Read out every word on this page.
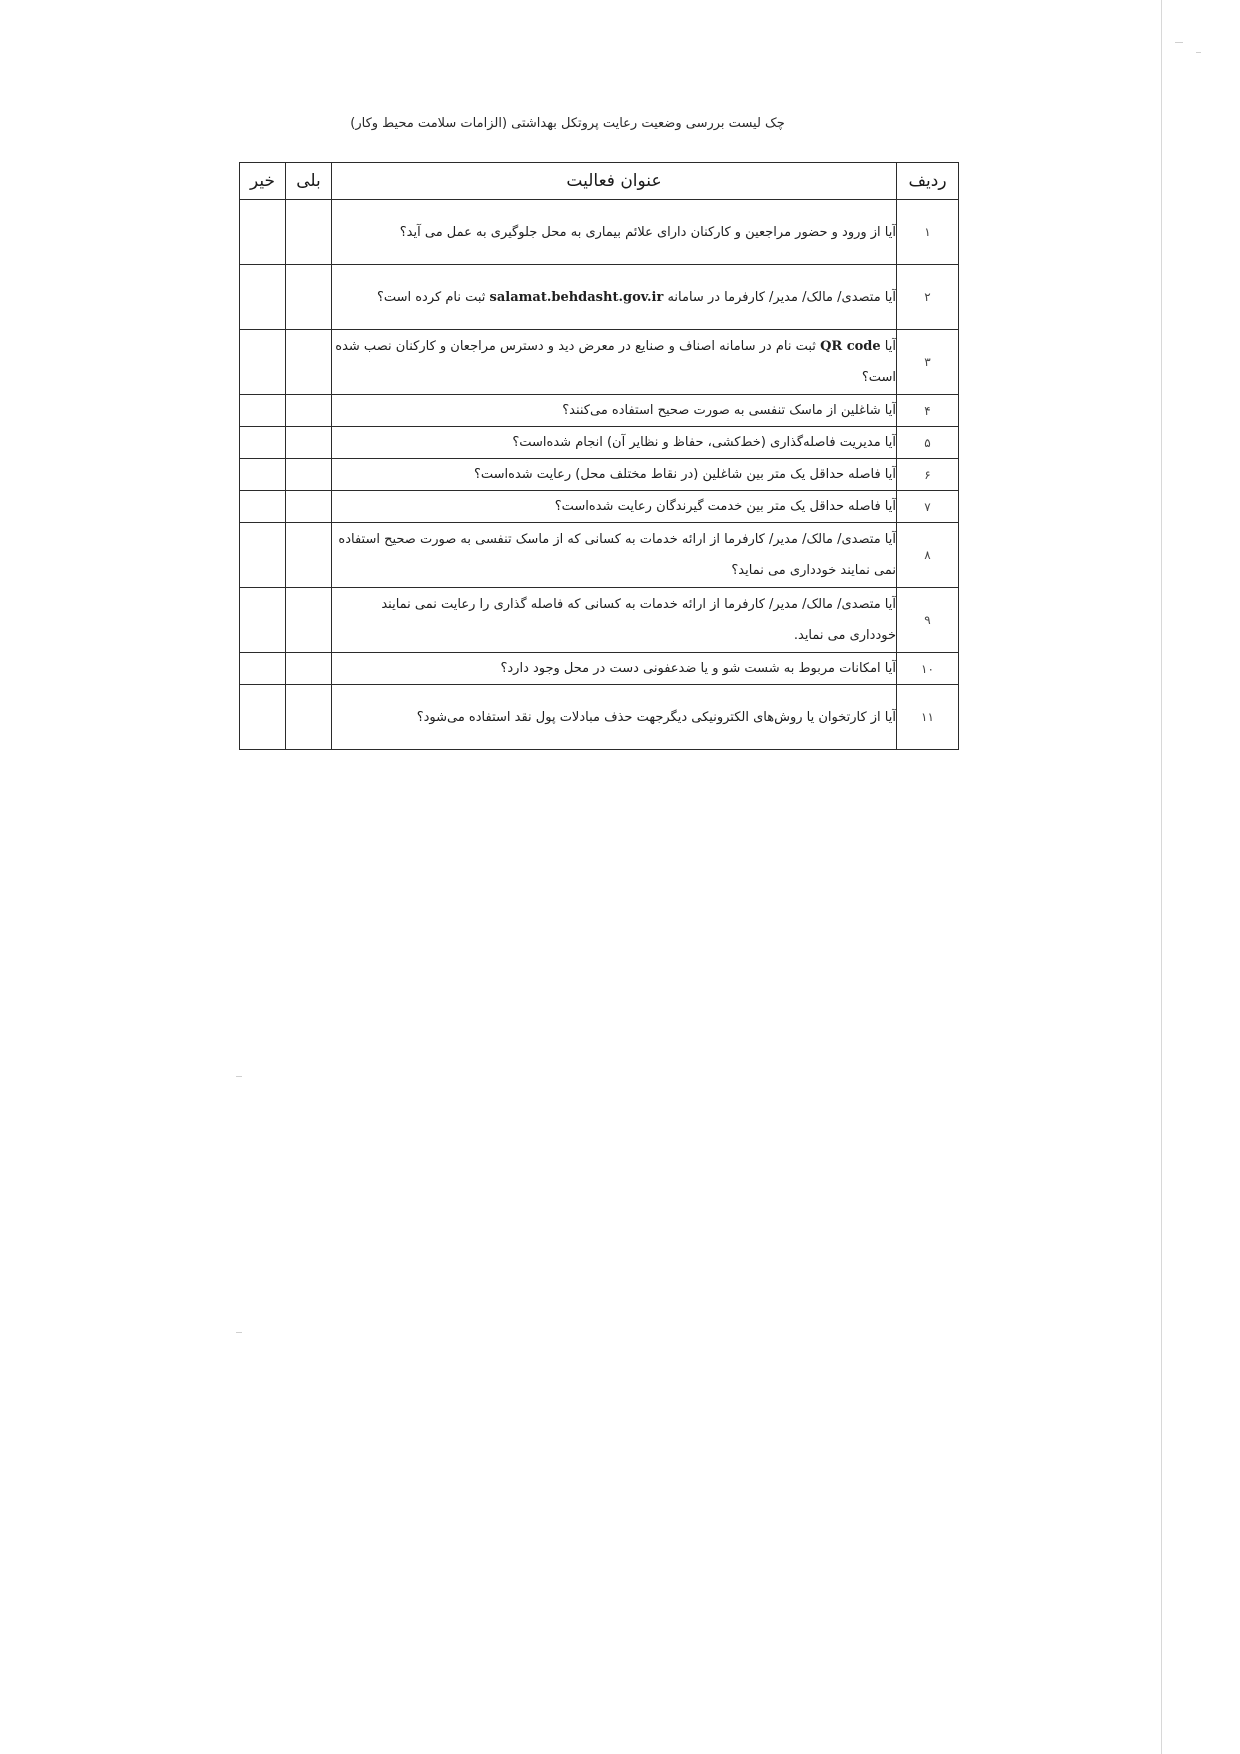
چک لیست بررسی وضعیت رعایت پروتکل بهداشتی (الزامات سلامت محیط وکار)
ردیف	عنوان فعالیت	بلی	خیر
۱	آیا از ورود و حضور مراجعین و کارکنان دارای علائم بیماری به محل جلوگیری به عمل می آید؟		
۲	آیا متصدی/ مالک/ مدیر/ کارفرما در سامانه salamat.behdasht.gov.ir ثبت نام کرده است؟		
۳	آیا QR code ثبت نام در سامانه اصناف و صنایع در معرض دید و دسترس مراجعان و کارکنان نصب شده است؟		
۴	آیا شاغلین از ماسک تنفسی به صورت صحیح استفاده می‌کنند؟		
۵	آیا مدیریت فاصله‌گذاری (خط‌کشی، حفاظ و نظایر آن) انجام شده‌است؟		
۶	آیا فاصله حداقل یک متر بین شاغلین (در نقاط مختلف محل) رعایت شده‌است؟		
۷	آیا فاصله حداقل یک متر بین خدمت گیرندگان رعایت شده‌است؟		
۸	آیا متصدی/ مالک/ مدیر/ کارفرما از ارائه خدمات به کسانی که از ماسک تنفسی به صورت صحیح استفاده نمی نمایند خودداری می نماید؟		
۹	آیا متصدی/ مالک/ مدیر/ کارفرما از ارائه خدمات به کسانی که فاصله گذاری را رعایت نمی نمایند خودداری می نماید.		
۱۰	آیا امکانات مربوط به شست شو و یا ضدعفونی دست در محل وجود دارد؟		
۱۱	آیا از کارتخوان یا روش‌های الکترونیکی دیگرجهت حذف مبادلات پول نقد استفاده می‌شود؟		
